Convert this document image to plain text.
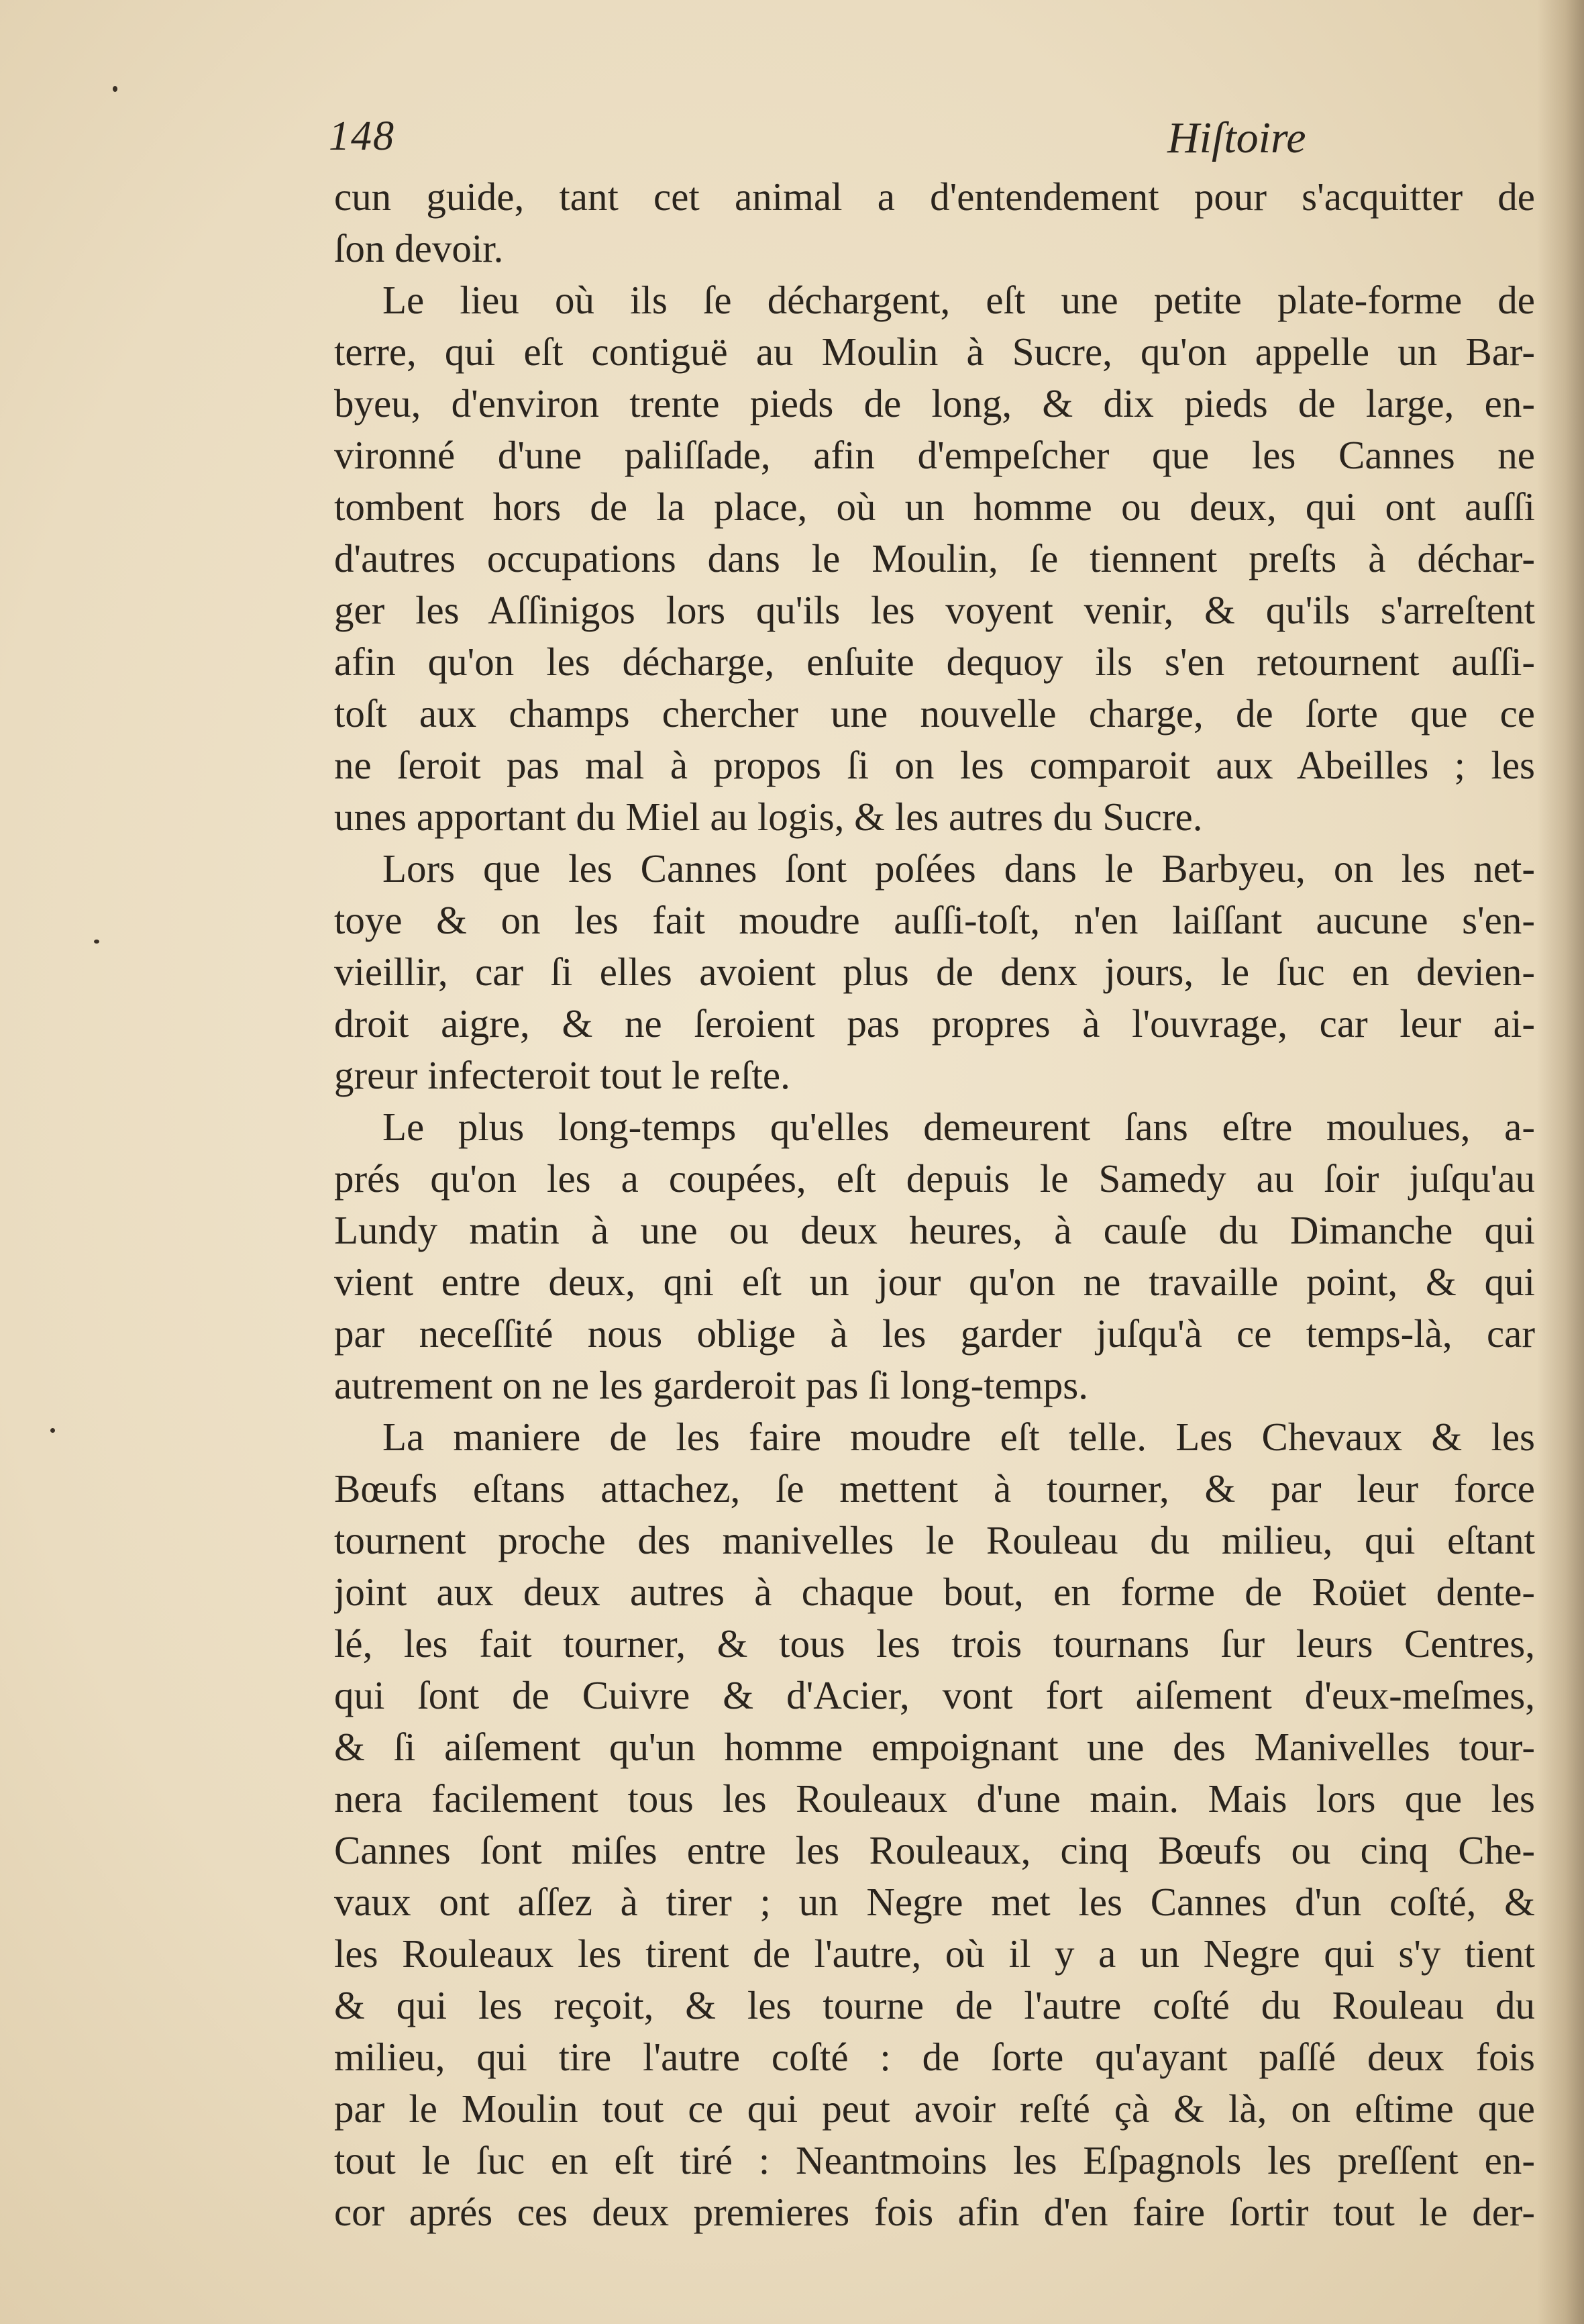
148	Hiſtoire
cun guide, tant cet animal a d'entendement pour s'acquitter de
ſon devoir.
Le lieu où ils ſe déchargent, eſt une petite plate-forme de
terre, qui eſt contiguë au Moulin à Sucre, qu'on appelle un Bar-
byeu, d'environ trente pieds de long, & dix pieds de large, en-
vironné d'une paliſſade, afin d'empeſcher que les Cannes ne
tombent hors de la place, où un homme ou deux, qui ont auſſi
d'autres occupations dans le Moulin, ſe tiennent preſts à déchar-
ger les Aſſinigos lors qu'ils les voyent venir, & qu'ils s'arreſtent
afin qu'on les décharge, enſuite dequoy ils s'en retournent auſſi-
toſt aux champs chercher une nouvelle charge, de ſorte que ce
ne ſeroit pas mal à propos ſi on les comparoit aux Abeilles ; les
unes apportant du Miel au logis, & les autres du Sucre.
Lors que les Cannes ſont poſées dans le Barbyeu, on les net-
toye & on les fait moudre auſſi-toſt, n'en laiſſant aucune s'en-
vieillir, car ſi elles avoient plus de denx jours, le ſuc en devien-
droit aigre, & ne ſeroient pas propres à l'ouvrage, car leur ai-
greur infecteroit tout le reſte.
Le plus long-temps qu'elles demeurent ſans eſtre moulues, a-
prés qu'on les a coupées, eſt depuis le Samedy au ſoir juſqu'au
Lundy matin à une ou deux heures, à cauſe du Dimanche qui
vient entre deux, qni eſt un jour qu'on ne travaille point, & qui
par neceſſité nous oblige à les garder juſqu'à ce temps-là, car
autrement on ne les garderoit pas ſi long-temps.
La maniere de les faire moudre eſt telle. Les Chevaux & les
Bœufs eſtans attachez, ſe mettent à tourner, & par leur force
tournent proche des manivelles le Rouleau du milieu, qui eſtant
joint aux deux autres à chaque bout, en forme de Roüet dente-
lé, les fait tourner, & tous les trois tournans ſur leurs Centres,
qui ſont de Cuivre & d'Acier, vont fort aiſement d'eux-meſmes,
& ſi aiſement qu'un homme empoignant une des Manivelles tour-
nera facilement tous les Rouleaux d'une main. Mais lors que les
Cannes ſont miſes entre les Rouleaux, cinq Bœufs ou cinq Che-
vaux ont aſſez à tirer ; un Negre met les Cannes d'un coſté, &
les Rouleaux les tirent de l'autre, où il y a un Negre qui s'y tient
& qui les reçoit, & les tourne de l'autre coſté du Rouleau du
milieu, qui tire l'autre coſté : de ſorte qu'ayant paſſé deux fois
par le Moulin tout ce qui peut avoir reſté çà & là, on eſtime que
tout le ſuc en eſt tiré : Neantmoins les Eſpagnols les preſſent en-
cor aprés ces deux premieres fois afin d'en faire ſortir tout le der-
